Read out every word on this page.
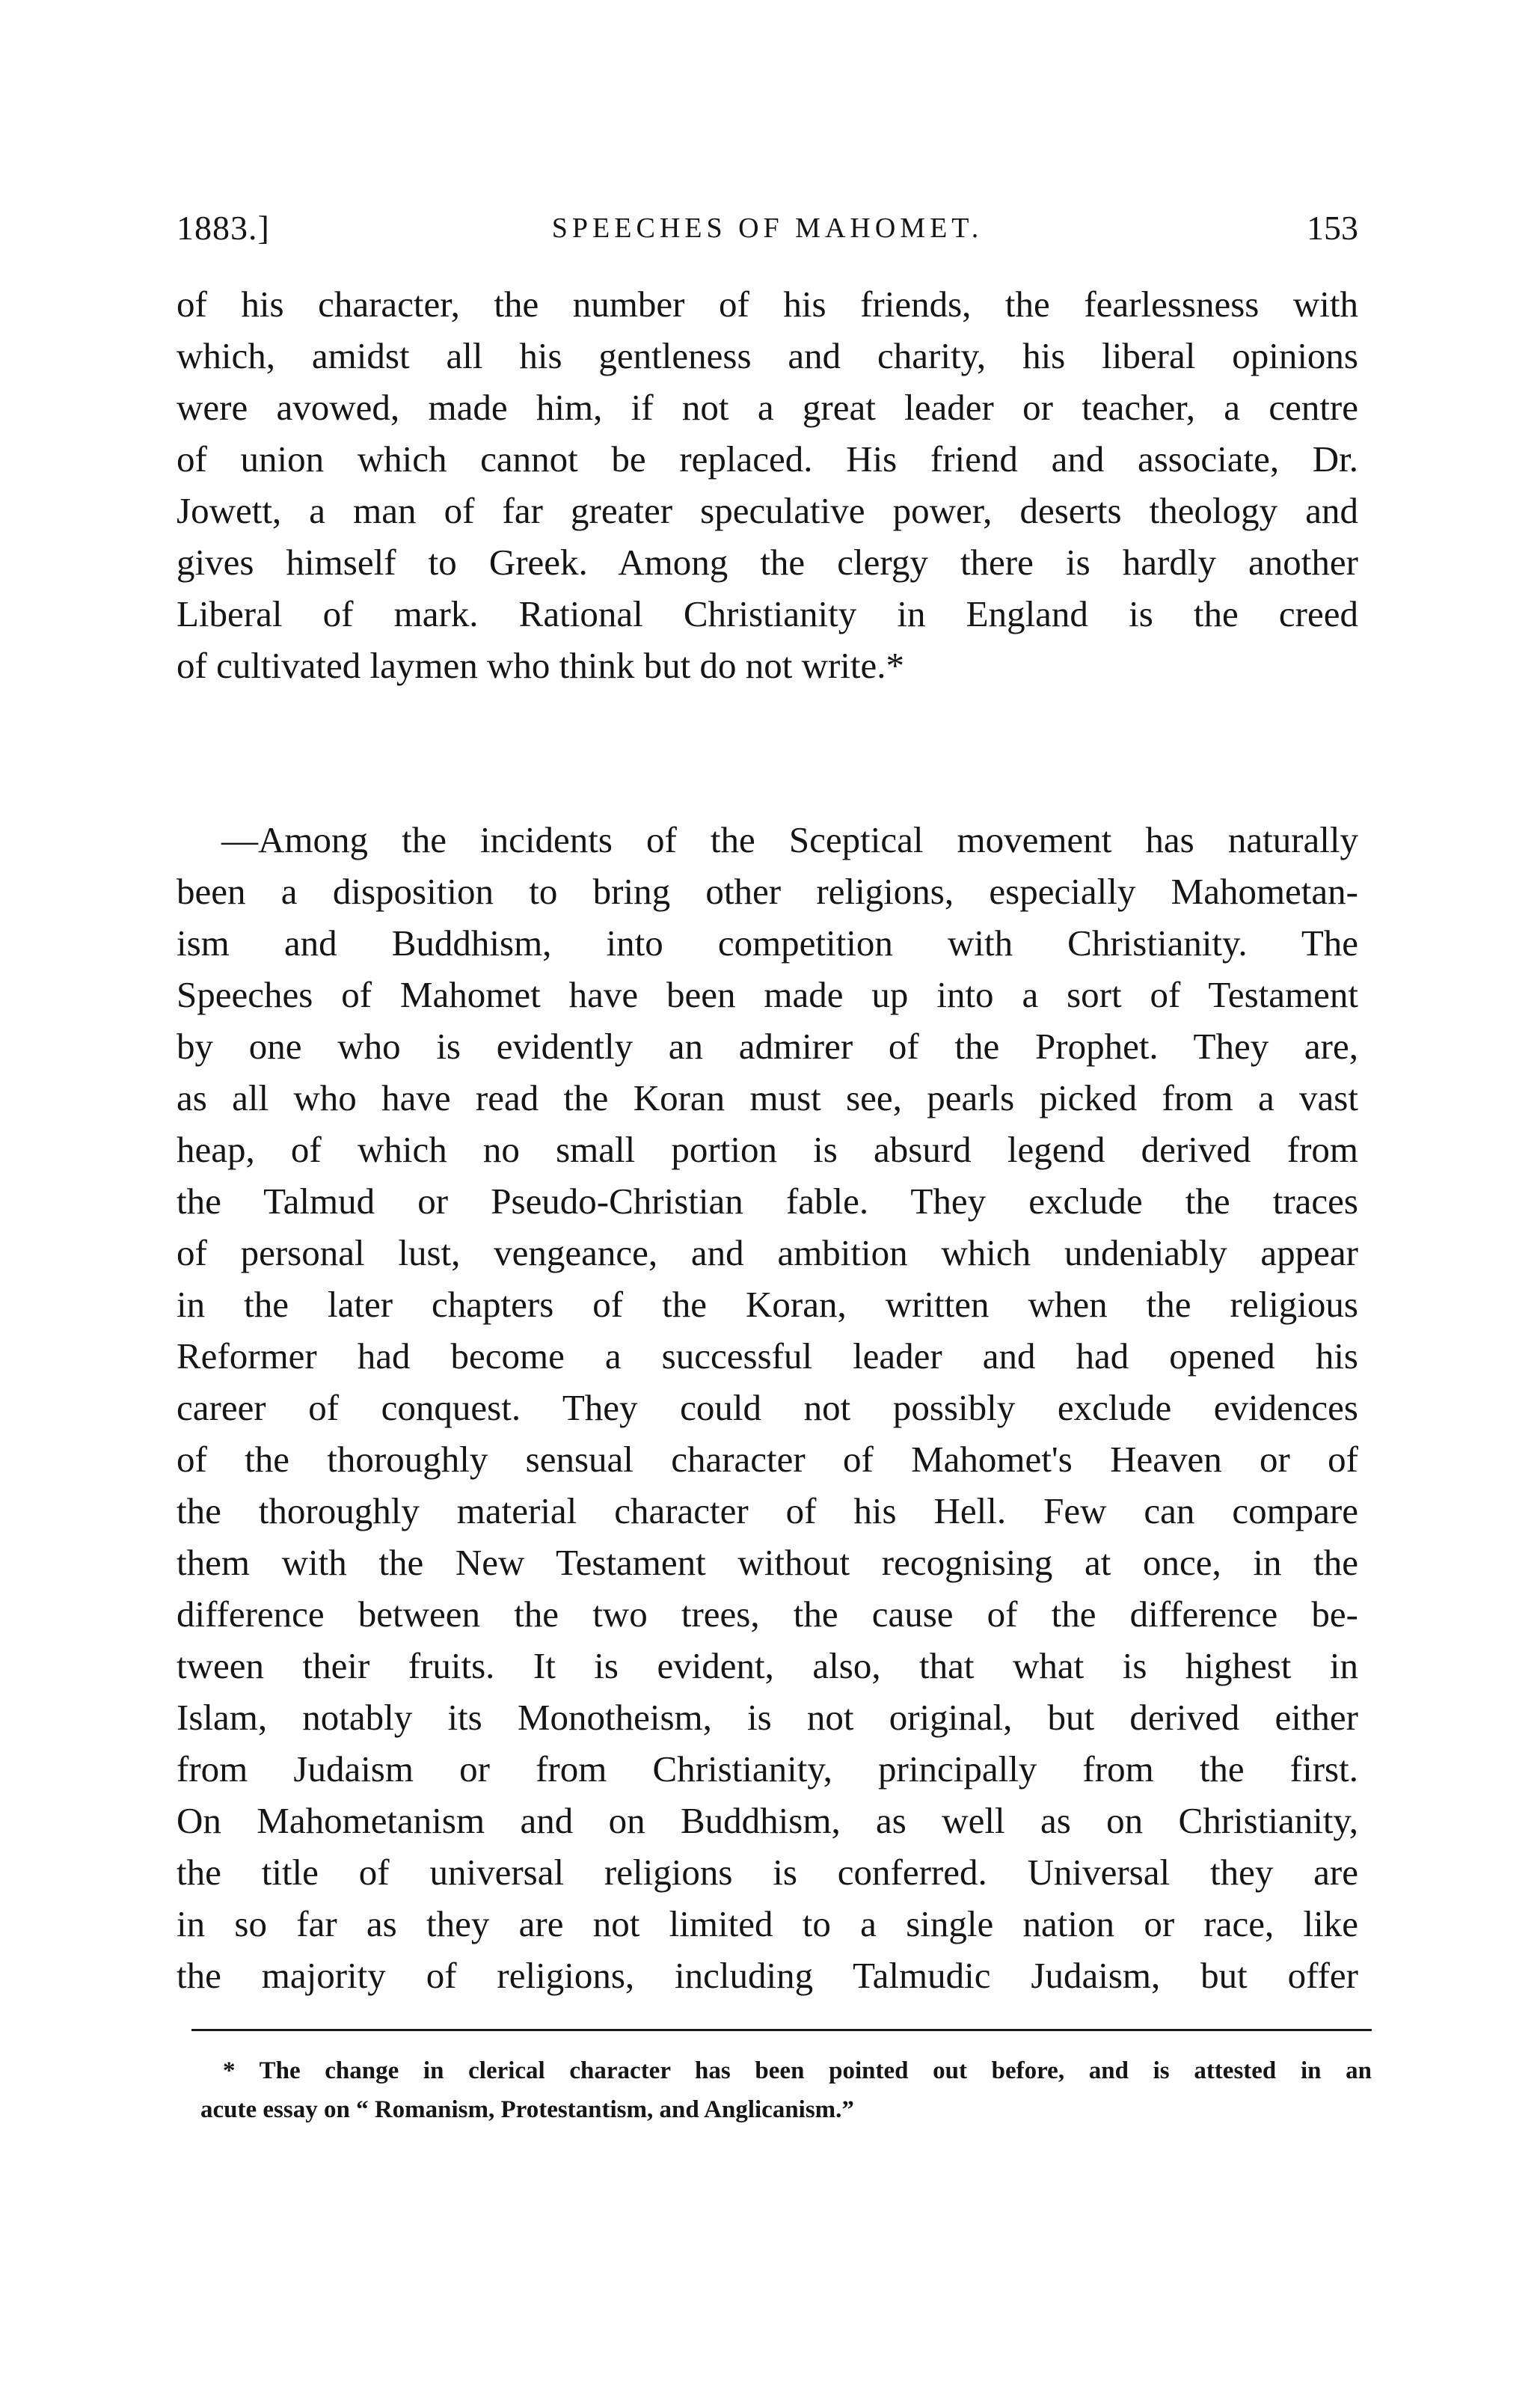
1883.]	SPEECHES OF MAHOMET.	153
of his character, the number of his friends, the fearlessness with
which, amidst all his gentleness and charity, his liberal opinions
were avowed, made him, if not a great leader or teacher, a centre
of union which cannot be replaced. His friend and associate, Dr.
Jowett, a man of far greater speculative power, deserts theology and
gives himself to Greek. Among the clergy there is hardly another
Liberal of mark. Rational Christianity in England is the creed
of cultivated laymen who think but do not write.*
—Among the incidents of the Sceptical movement has naturally
been a disposition to bring other religions, especially Mahometan-
ism and Buddhism, into competition with Christianity. The
Speeches of Mahomet have been made up into a sort of Testament
by one who is evidently an admirer of the Prophet. They are,
as all who have read the Koran must see, pearls picked from a vast
heap, of which no small portion is absurd legend derived from
the Talmud or Pseudo-Christian fable. They exclude the traces
of personal lust, vengeance, and ambition which undeniably appear
in the later chapters of the Koran, written when the religious
Reformer had become a successful leader and had opened his
career of conquest. They could not possibly exclude evidences
of the thoroughly sensual character of Mahomet's Heaven or of
the thoroughly material character of his Hell. Few can compare
them with the New Testament without recognising at once, in the
difference between the two trees, the cause of the difference be-
tween their fruits. It is evident, also, that what is highest in
Islam, notably its Monotheism, is not original, but derived either
from Judaism or from Christianity, principally from the first.
On Mahometanism and on Buddhism, as well as on Christianity,
the title of universal religions is conferred. Universal they are
in so far as they are not limited to a single nation or race, like
the majority of religions, including Talmudic Judaism, but offer
* The change in clerical character has been pointed out before, and is attested in an
acute essay on “ Romanism, Protestantism, and Anglicanism.”
